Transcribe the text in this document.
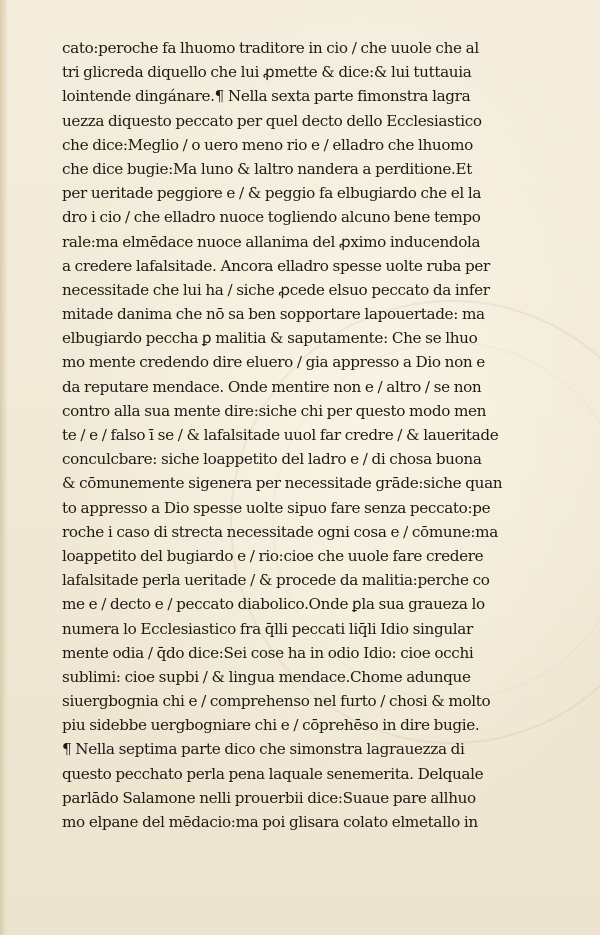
cato:peroche fa lhuomo traditore in cio / che uuole che al
tri glicreda diquello che lui ꝓmette & dice:& lui tuttauia
lointende dingánare.¶ Nella sexta parte fimonstra lagra
uezza diquesto peccato per quel decto dello Ecclesiastico
che dice:Meglio / o uero meno rio e / elladro che lhuomo
che dice bugie:Ma luno & laltro nandera a perditione.Et
per ueritade peggiore e / & peggio fa elbugiardo che el la
dro i cio / che elladro nuoce togliendo alcuno bene tempo
rale:ma elmēdace nuoce allanima del ꝓximo inducendola
a credere lafalsitade. Ancora elladro spesse uolte ruba per
necessitade che lui ha / siche ꝓcede elsuo peccato da infer
mitade danima che nō sa ben sopportare lapouertade: ma
elbugiardo peccha ꝑ malitia & saputamente: Che se lhuo
mo mente credendo dire eluero / gia appresso a Dio non e
da reputare mendace. Onde mentire non e / altro / se non
contro alla sua mente dire:siche chi per questo modo men
te / e / falso ī se / & lafalsitade uuol far credre / & laueritade
conculcbare: siche loappetito del ladro e / di chosa buona
& cōmunemente sigenera per necessitade grāde:siche quan
to appresso a Dio spesse uolte sipuo fare senza peccato:pe
roche i caso di strecta necessitade ogni cosa e / cōmune:ma
loappetito del bugiardo e / rio:cioe che uuole fare credere
lafalsitade perla ueritade / & procede da malitia:perche co
me e / decto e / peccato diabolico.Onde ꝑla sua graueza lo
numera lo Ecclesiastico fra q̄lli peccati liq̄li Idio singular
mente odia / q̄do dice:Sei cose ha in odio Idio: cioe occhi
sublimi: cioe supbi / & lingua mendace.Chome adunque
siuergbognia chi e / comprehenso nel furto / chosi & molto
piu sidebbe uergbogniare chi e / cōprehēso in dire bugie.
¶ Nella septima parte dico che simonstra lagrauezza di
questo pecchato perla pena laquale senemerita. Delquale
parlādo Salamone nelli prouerbii dice:Suaue pare allhuo
mo elpane del mēdacio:ma poi glisara colato elmetallo in
